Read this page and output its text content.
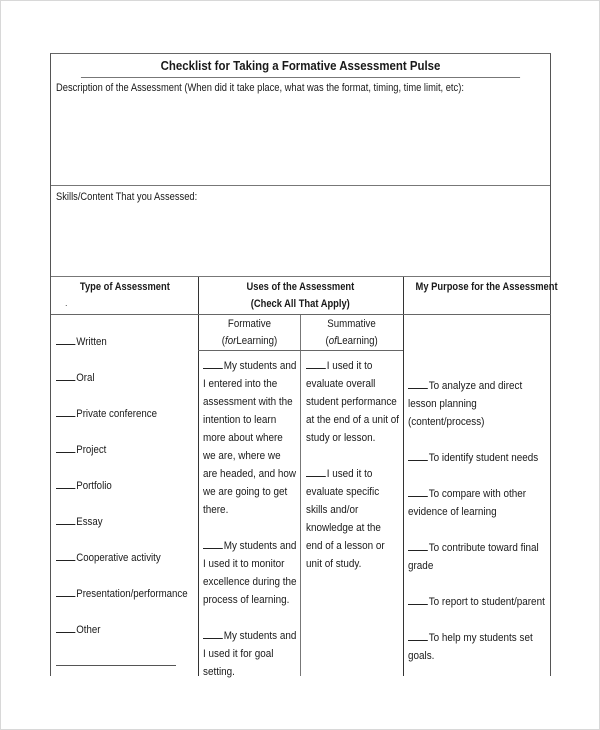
Checklist for Taking a Formative Assessment Pulse
Description of the Assessment (When did it take place, what was the format, timing, time limit, etc):
Skills/Content That you Assessed:
Type of Assessment
.
Uses of the Assessment
(Check All That Apply)
My Purpose for the Assessment
Formative
(forLearning)
Summative
(ofLearning)
Written
Oral
Private conference
Project
Portfolio
Essay
Cooperative activity
Presentation/performance
Other

My students and I entered into the assessment with the intention to learn more about where we are, where we are headed, and how we are going to get there.

My students and I used it to monitor excellence during the process of learning.

My students and I used it for goal setting.

I used it to evaluate overall student performance at the end of a unit of study or lesson.

I used it to evaluate specific skills and/or knowledge at the end of a lesson or unit of study.

To analyze and direct lesson planning (content/process)

To identify student needs

To compare with other evidence of learning

To contribute toward final grade

To report to student/parent

To help my students set goals.
